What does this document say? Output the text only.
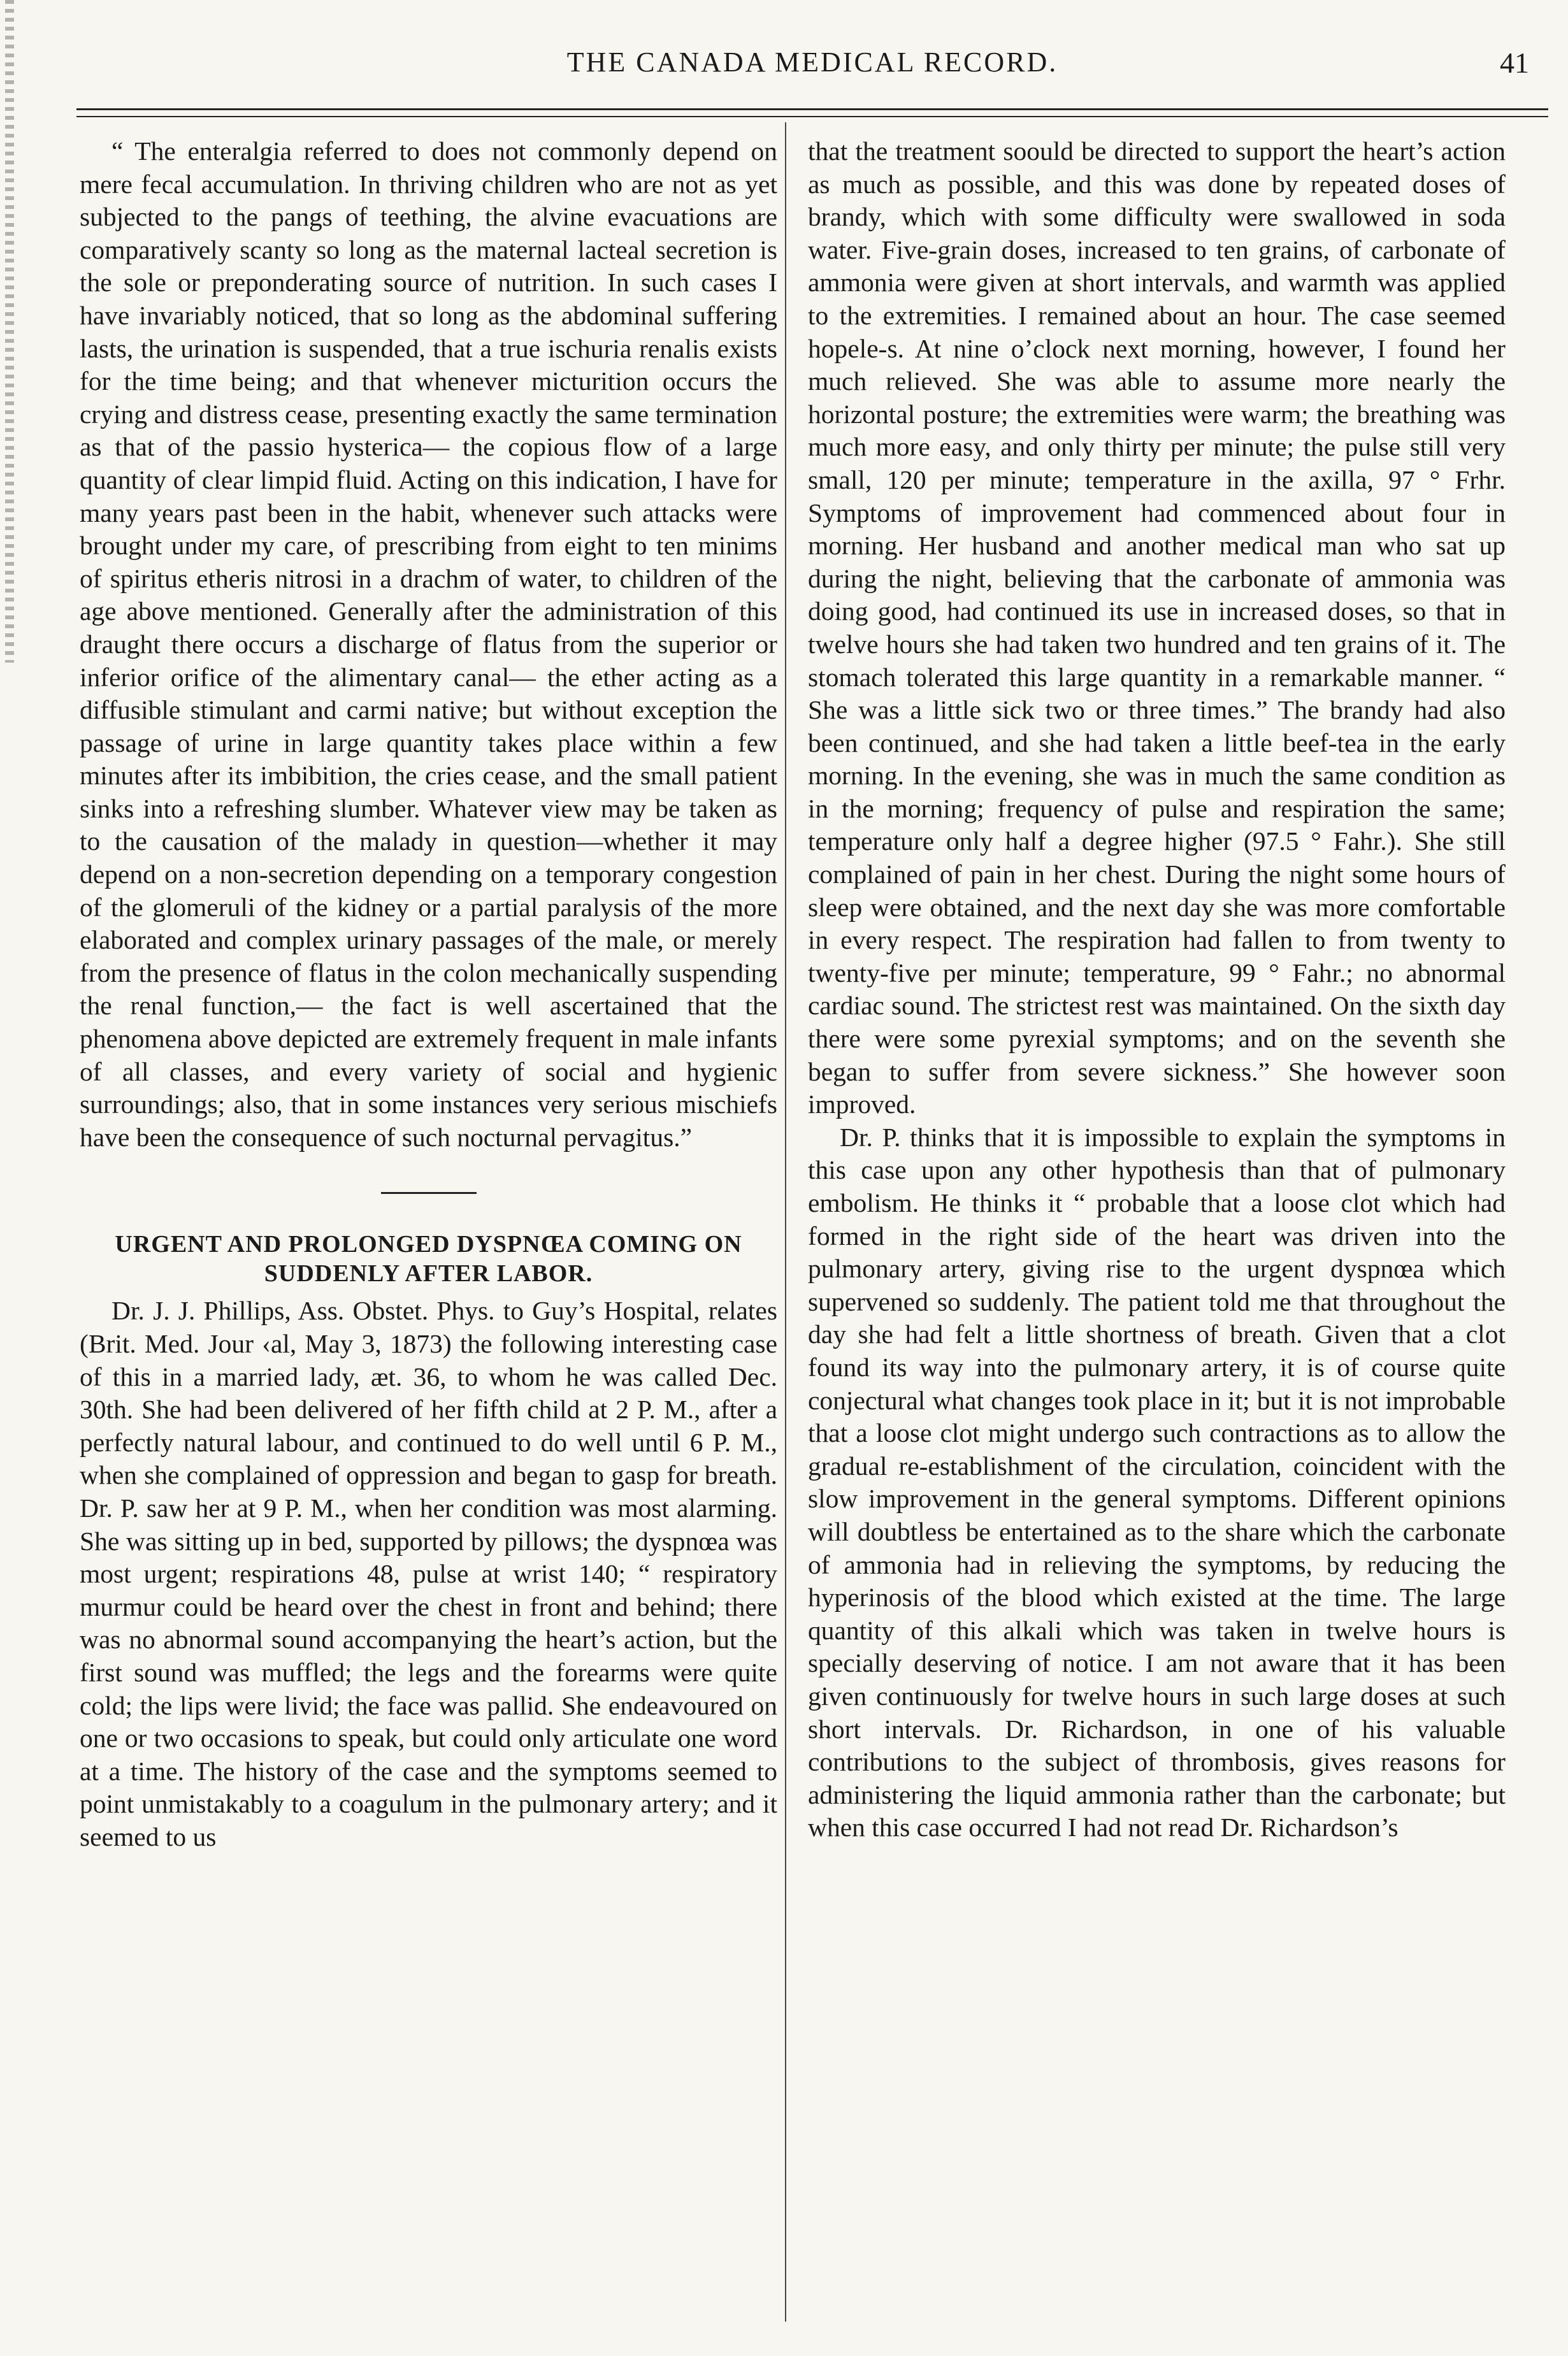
THE CANADA MEDICAL RECORD.	41

“ The enteralgia referred to does not commonly depend on mere fecal accumulation. In thriving children who are not as yet subjected to the pangs of teething, the alvine evacuations are comparatively scanty so long as the maternal lacteal secretion is the sole or preponderating source of nutrition. In such cases I have invariably noticed, that so long as the abdominal suffering lasts, the urination is suspended, that a true ischuria renalis exists for the time being; and that whenever micturition occurs the crying and distress cease, presenting exactly the same termination as that of the passio hysterica— the copious flow of a large quantity of clear limpid fluid. Acting on this indication, I have for many years past been in the habit, whenever such attacks were brought under my care, of prescribing from eight to ten minims of spiritus etheris nitrosi in a drachm of water, to children of the age above mentioned. Generally after the administration of this draught there occurs a discharge of flatus from the superior or inferior orifice of the alimentary canal— the ether acting as a diffusible stimulant and carmi native; but without exception the passage of urine in large quantity takes place within a few minutes after its imbibition, the cries cease, and the small patient sinks into a refreshing slumber. Whatever view may be taken as to the causation of the malady in question—whether it may depend on a non-secretion depending on a temporary congestion of the glomeruli of the kidney or a partial paralysis of the more elaborated and complex urinary passages of the male, or merely from the presence of flatus in the colon mechanically suspending the renal function,— the fact is well ascertained that the phenomena above depicted are extremely frequent in male infants of all classes, and every variety of social and hygienic surroundings; also, that in some instances very serious mischiefs have been the consequence of such nocturnal pervagitus.”

URGENT AND PROLONGED DYSPNŒA COMING ON SUDDENLY AFTER LABOR.

Dr. J. J. Phillips, Ass. Obstet. Phys. to Guy’s Hospital, relates (Brit. Med. Jour ‹al, May 3, 1873) the following interesting case of this in a married lady, æt. 36, to whom he was called Dec. 30th. She had been delivered of her fifth child at 2 P. M., after a perfectly natural labour, and continued to do well until 6 P. M., when she complained of oppression and began to gasp for breath. Dr. P. saw her at 9 P. M., when her condition was most alarming. She was sitting up in bed, supported by pillows; the dyspnœa was most urgent; respirations 48, pulse at wrist 140; “ respiratory murmur could be heard over the chest in front and behind; there was no abnormal sound accompanying the heart’s action, but the first sound was muffled; the legs and the forearms were quite cold; the lips were livid; the face was pallid. She endeavoured on one or two occasions to speak, but could only articulate one word at a time. The history of the case and the symptoms seemed to point unmistakably to a coagulum in the pulmonary artery; and it seemed to us

that the treatment soould be directed to support the heart’s action as much as possible, and this was done by repeated doses of brandy, which with some difficulty were swallowed in soda water. Five-grain doses, increased to ten grains, of carbonate of ammonia were given at short intervals, and warmth was applied to the extremities. I remained about an hour. The case seemed hopele-s. At nine o’clock next morning, however, I found her much relieved. She was able to assume more nearly the horizontal posture; the extremities were warm; the breathing was much more easy, and only thirty per minute; the pulse still very small, 120 per minute; temperature in the axilla, 97 ° Frhr. Symptoms of improvement had commenced about four in morning. Her husband and another medical man who sat up during the night, believing that the carbonate of ammonia was doing good, had continued its use in increased doses, so that in twelve hours she had taken two hundred and ten grains of it. The stomach tolerated this large quantity in a remarkable manner. “ She was a little sick two or three times.” The brandy had also been continued, and she had taken a little beef-tea in the early morning. In the evening, she was in much the same condition as in the morning; frequency of pulse and respiration the same; temperature only half a degree higher (97.5 ° Fahr.). She still complained of pain in her chest. During the night some hours of sleep were obtained, and the next day she was more comfortable in every respect. The respiration had fallen to from twenty to twenty-five per minute; temperature, 99 ° Fahr.; no abnormal cardiac sound. The strictest rest was maintained. On the sixth day there were some pyrexial symptoms; and on the seventh she began to suffer from severe sickness.” She however soon improved.

Dr. P. thinks that it is impossible to explain the symptoms in this case upon any other hypothesis than that of pulmonary embolism. He thinks it “ probable that a loose clot which had formed in the right side of the heart was driven into the pulmonary artery, giving rise to the urgent dyspnœa which supervened so suddenly. The patient told me that throughout the day she had felt a little shortness of breath. Given that a clot found its way into the pulmonary artery, it is of course quite conjectural what changes took place in it; but it is not improbable that a loose clot might undergo such contractions as to allow the gradual re-establishment of the circulation, coincident with the slow improvement in the general symptoms. Different opinions will doubtless be entertained as to the share which the carbonate of ammonia had in relieving the symptoms, by reducing the hyperinosis of the blood which existed at the time. The large quantity of this alkali which was taken in twelve hours is specially deserving of notice. I am not aware that it has been given continuously for twelve hours in such large doses at such short intervals. Dr. Richardson, in one of his valuable contributions to the subject of thrombosis, gives reasons for administering the liquid ammonia rather than the carbonate; but when this case occurred I had not read Dr. Richardson’s
